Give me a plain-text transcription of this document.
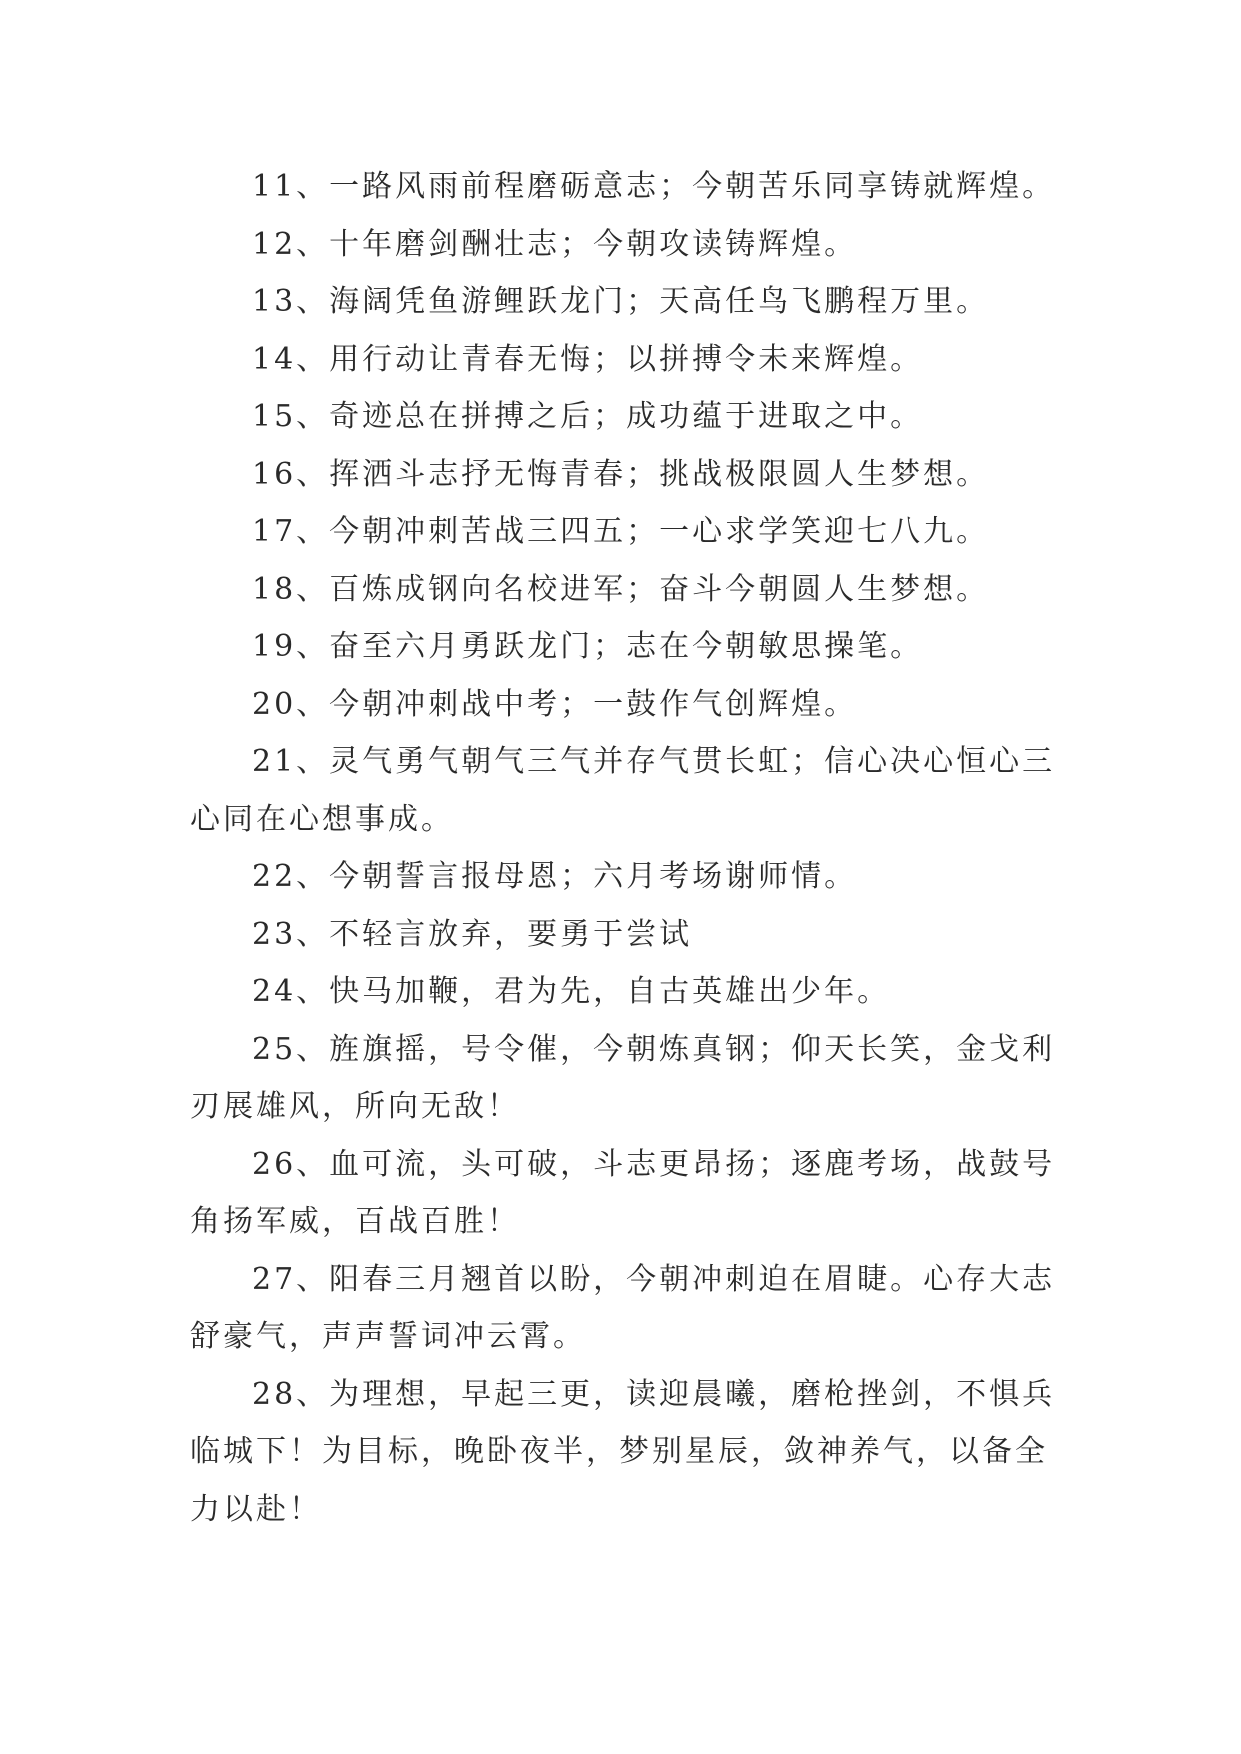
11、一路风雨前程磨砺意志；今朝苦乐同享铸就辉煌。

12、十年磨剑酬壮志；今朝攻读铸辉煌。

13、海阔凭鱼游鲤跃龙门；天高任鸟飞鹏程万里。

14、用行动让青春无悔；以拼搏令未来辉煌。

15、奇迹总在拼搏之后；成功蕴于进取之中。

16、挥洒斗志抒无悔青春；挑战极限圆人生梦想。

17、今朝冲刺苦战三四五；一心求学笑迎七八九。

18、百炼成钢向名校进军；奋斗今朝圆人生梦想。

19、奋至六月勇跃龙门；志在今朝敏思操笔。

20、今朝冲刺战中考；一鼓作气创辉煌。

21、灵气勇气朝气三气并存气贯长虹；信心决心恒心三

心同在心想事成。

22、今朝誓言报母恩；六月考场谢师情。

23、不轻言放弃，要勇于尝试

24、快马加鞭，君为先，自古英雄出少年。

25、旌旗摇，号令催，今朝炼真钢；仰天长笑，金戈利

刃展雄风，所向无敌！

26、血可流，头可破，斗志更昂扬；逐鹿考场，战鼓号

角扬军威，百战百胜！

27、阳春三月翘首以盼，今朝冲刺迫在眉睫。心存大志

舒豪气，声声誓词冲云霄。

28、为理想，早起三更，读迎晨曦，磨枪挫剑，不惧兵

临城下！为目标，晚卧夜半，梦别星辰，敛神养气，以备全

力以赴！
